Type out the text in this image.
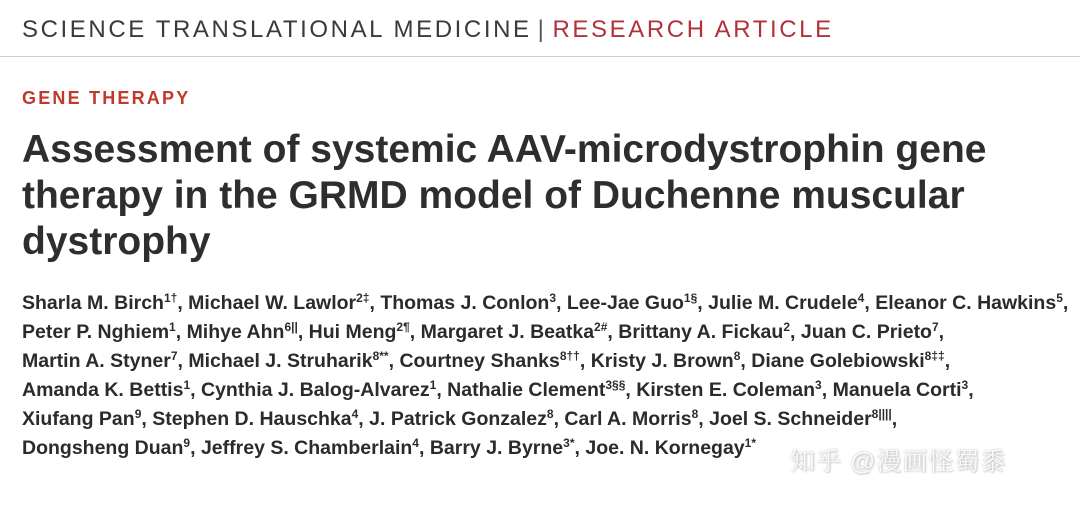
SCIENCE TRANSLATIONAL MEDICINE | RESEARCH ARTICLE
GENE THERAPY
Assessment of systemic AAV-microdystrophin gene
therapy in the GRMD model of Duchenne muscular
dystrophy

Sharla M. Birch$^{1\dagger}$, Michael W. Lawlor$^{2\ddagger}$, Thomas J. Conlon$^3$, Lee-Jae Guo$^{1\S}$, Julie M. Crudele$^4$, Eleanor C. Hawkins$^5$, Peter P. Nghiem$^1$, Mihye Ahn$^{6||}$, Hui Meng$^{2\P}$, Margaret J. Beatka$^{2\#}$, Brittany A. Fickau$^2$, Juan C. Prieto$^7$, Martin A. Styner$^7$, Michael J. Struharik$^{8**}$, Courtney Shanks$^{8\dagger\dagger}$, Kristy J. Brown$^8$, Diane Golebiowski$^{8\ddagger\ddagger}$, Amanda K. Bettis$^1$, Cynthia J. Balog-Alvarez$^1$, Nathalie Clement$^{3\S\S}$, Kirsten E. Coleman$^3$, Manuela Corti$^3$, Xiufang Pan$^9$, Stephen D. Hauschka$^4$, J. Patrick Gonzalez$^8$, Carl A. Morris$^8$, Joel S. Schneider$^{8||||}$, Dongsheng Duan$^9$, Jeffrey S. Chamberlain$^4$, Barry J. Byrne$^{3*}$, Joe. N. Kornegay$^{1*}$

知乎 @漫画怪蜀黍
